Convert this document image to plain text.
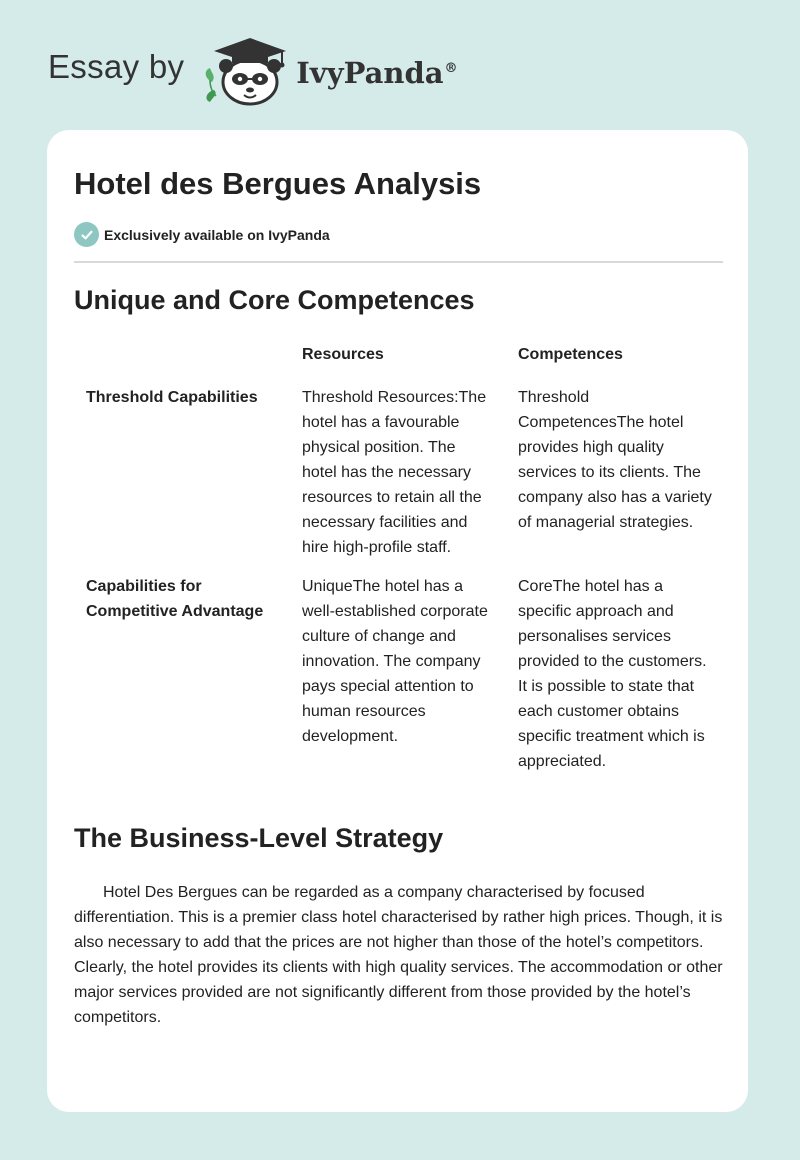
Essay by	IvyPanda®
Hotel des Bergues Analysis
Exclusively available on IvyPanda
Unique and Core Competences
	Resources	Competences
Threshold Capabilities	Threshold Resources:The hotel has a favourable physical position. The hotel has the necessary resources to retain all the necessary facilities and hire high-profile staff.	Threshold CompetencesThe hotel provides high quality services to its clients. The company also has a variety of managerial strategies.
Capabilities for Competitive Advantage	UniqueThe hotel has a well-established corporate culture of change and innovation. The company pays special attention to human resources development.	CoreThe hotel has a specific approach and personalises services provided to the customers. It is possible to state that each customer obtains specific treatment which is appreciated.
The Business-Level Strategy

Hotel Des Bergues can be regarded as a company characterised by focused differentiation. This is a premier class hotel characterised by rather high prices. Though, it is also necessary to add that the prices are not higher than those of the hotel’s competitors. Clearly, the hotel provides its clients with high quality services. The accommodation or other major services provided are not significantly different from those provided by the hotel’s competitors.
